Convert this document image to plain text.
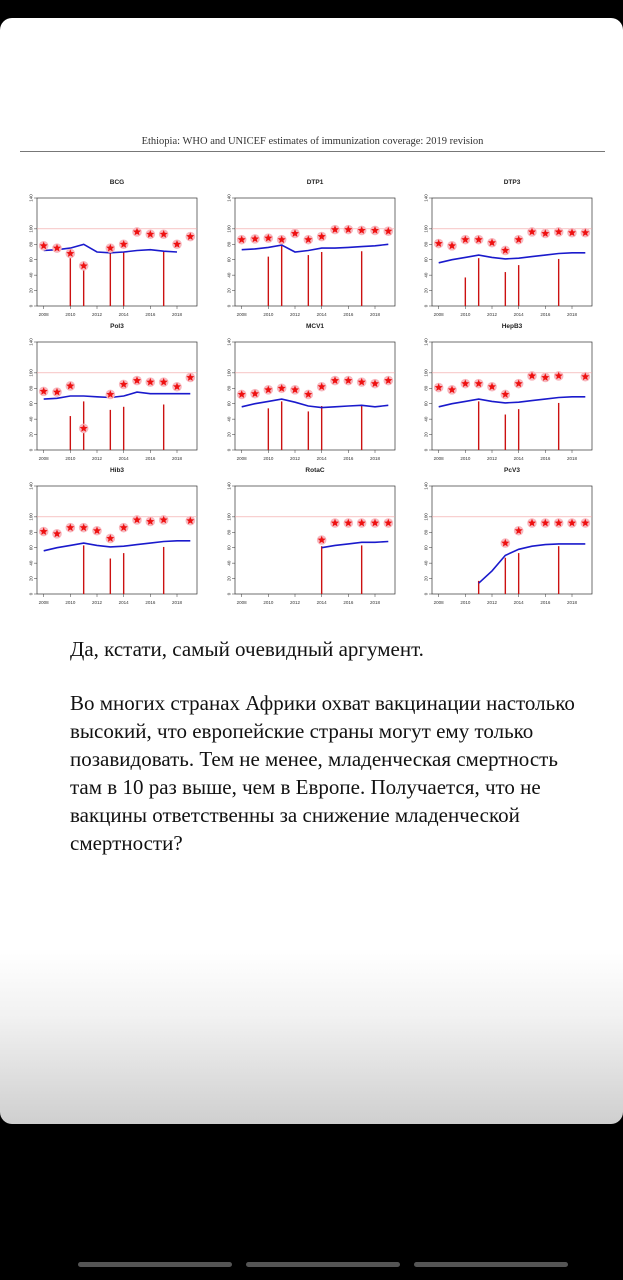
Ethiopia: WHO and UNICEF estimates of immunization coverage: 2019 revision
BCG
0
20
40
60
80
100
140
2008	2010	2012	2014	2016	2018
DTP1
0
20
40
60
80
100
140
2008	2010	2012	2014	2016	2018
DTP3
0
20
40
60
80
100
140
2008	2010	2012	2014	2016	2018
Pol3
0
20
40
60
80
100
140
2008	2010	2012	2014	2016	2018
MCV1
0
20
40
60
80
100
140
2008	2010	2012	2014	2016	2018
HepB3
0
20
40
60
80
100
140
2008	2010	2012	2014	2016	2018
Hib3
0
20
40
60
80
100
140
2008	2010	2012	2014	2016	2018
RotaC
0
20
40
60
80
100
140
2008	2010	2012	2014	2016	2018
PcV3
0
20
40
60
80
100
140
2008	2010	2012	2014	2016	2018

Да, кстати, самый очевидный аргумент.

Во многих странах Африки охват вакцинации настолько высокий, что европейские страны могут ему только позавидовать. Тем не менее, младенческая смертность там в 10 раз выше, чем в Европе. Получается, что не вакцины ответственны за снижение младенческой смертности?
